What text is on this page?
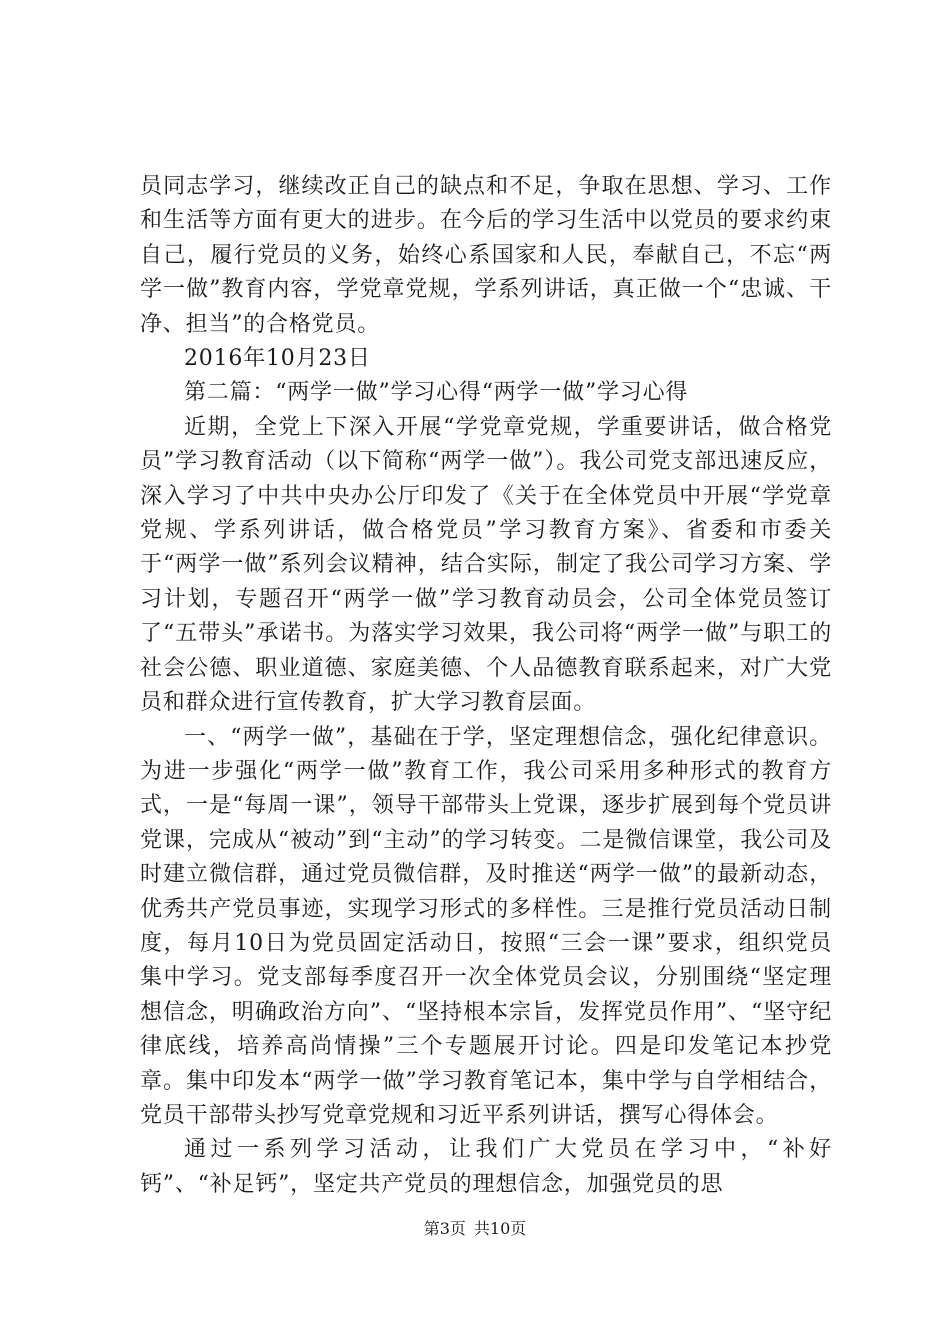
员同志学习，继续改正自己的缺点和不足，争取在思想、学习、工作和生活等方面有更大的进步。在今后的学习生活中以党员的要求约束自己，履行党员的义务，始终心系国家和人民，奉献自己，不忘“两学一做”教育内容，学党章党规，学系列讲话，真正做一个“忠诚、干净、担当”的合格党员。

2016年10月23日

第二篇：“两学一做”学习心得“两学一做”学习心得

近期，全党上下深入开展“学党章党规，学重要讲话，做合格党员”学习教育活动（以下简称“两学一做”）。我公司党支部迅速反应，深入学习了中共中央办公厅印发了《关于在全体党员中开展“学党章党规、学系列讲话，做合格党员”学习教育方案》、省委和市委关于“两学一做”系列会议精神，结合实际，制定了我公司学习方案、学习计划，专题召开“两学一做”学习教育动员会，公司全体党员签订了“五带头”承诺书。为落实学习效果，我公司将“两学一做”与职工的社会公德、职业道德、家庭美德、个人品德教育联系起来，对广大党员和群众进行宣传教育，扩大学习教育层面。

一、“两学一做”，基础在于学，坚定理想信念，强化纪律意识。为进一步强化“两学一做”教育工作，我公司采用多种形式的教育方式，一是“每周一课”，领导干部带头上党课，逐步扩展到每个党员讲党课，完成从“被动”到“主动”的学习转变。二是微信课堂，我公司及时建立微信群，通过党员微信群，及时推送“两学一做”的最新动态，优秀共产党员事迹，实现学习形式的多样性。三是推行党员活动日制度，每月10日为党员固定活动日，按照“三会一课”要求，组织党员集中学习。党支部每季度召开一次全体党员会议，分别围绕“坚定理想信念，明确政治方向”、“坚持根本宗旨，发挥党员作用”、“坚守纪律底线，培养高尚情操”三个专题展开讨论。四是印发笔记本抄党章。集中印发本“两学一做”学习教育笔记本，集中学与自学相结合，党员干部带头抄写党章党规和习近平系列讲话，撰写心得体会。

通过一系列学习活动，让我们广大党员在学习中，“补好钙”、“补足钙”，坚定共产党员的理想信念，加强党员的思

第3页 共10页
